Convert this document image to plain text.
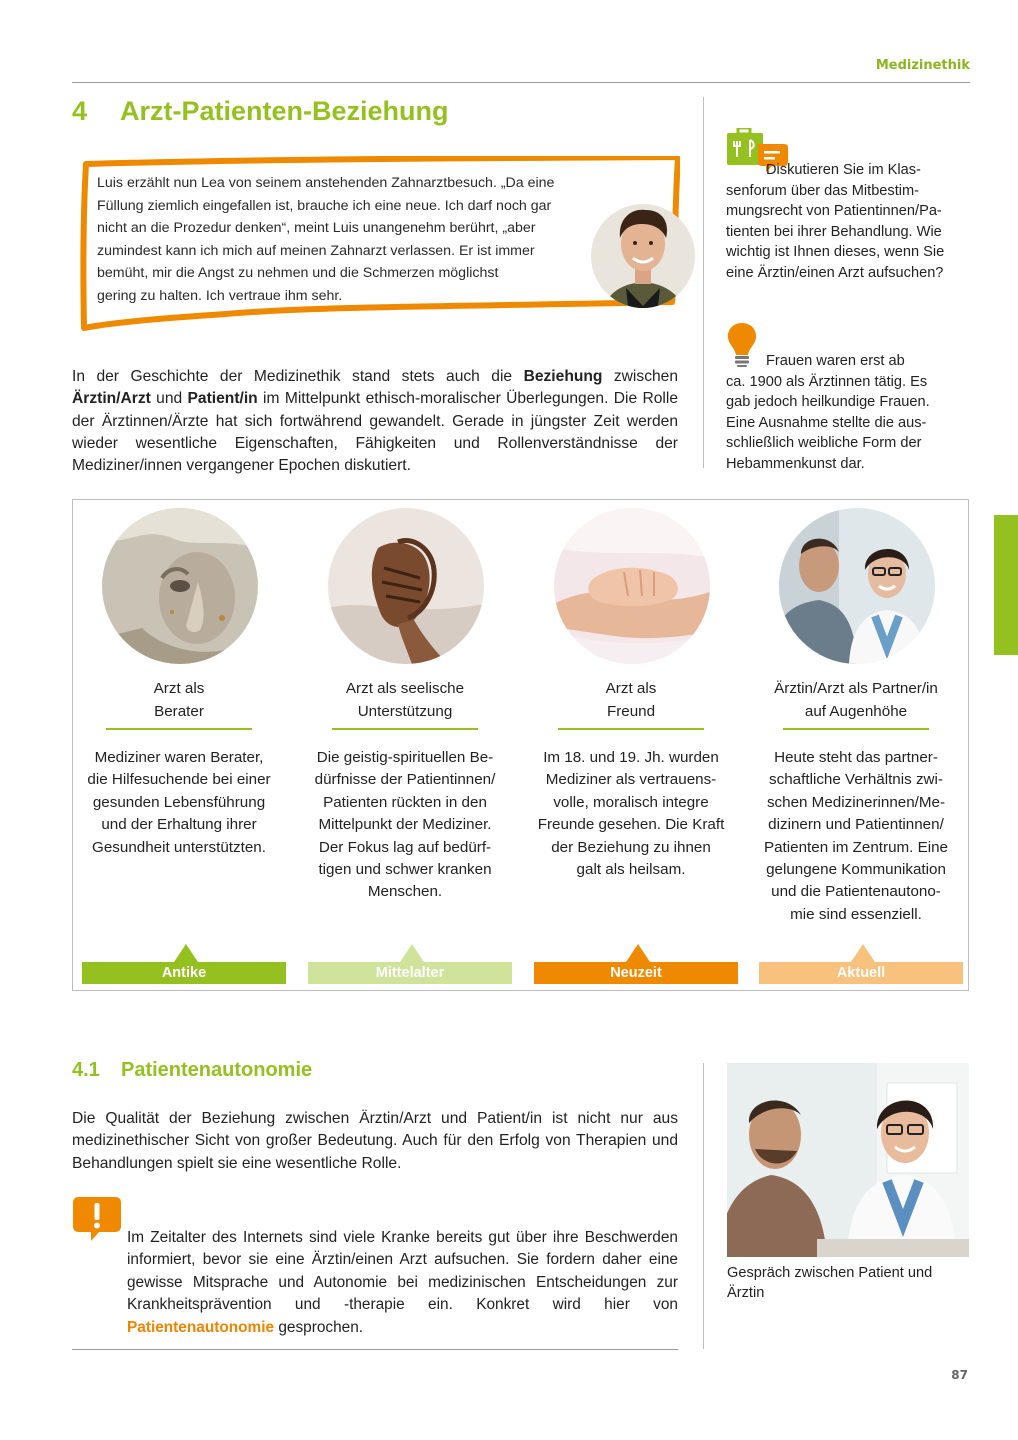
Medizinethik
4 Arzt-Patienten-Beziehung
Luis erzählt nun Lea von seinem anstehenden Zahnarztbesuch. „Da eine
Füllung ziemlich eingefallen ist, brauche ich eine neue. Ich darf noch gar
nicht an die Prozedur denken“, meint Luis unangenehm berührt, „aber
zumindest kann ich mich auf meinen Zahnarzt verlassen. Er ist immer
bemüht, mir die Angst zu nehmen und die Schmerzen möglichst
gering zu halten. Ich vertraue ihm sehr.
In der Geschichte der Medizinethik stand stets auch die Beziehung zwischen Ärztin/Arzt und Patient/in im Mittelpunkt ethisch-moralischer Überlegungen. Die Rolle der Ärztinnen/Ärzte hat sich fortwährend gewandelt. Gerade in jüngster Zeit werden wieder wesentliche Eigenschaften, Fähigkeiten und Rollenverständnisse der Mediziner/innen vergangener Epochen diskutiert.
Diskutieren Sie im Klas-
senforum über das Mitbestim-
mungsrecht von Patientinnen/Pa-
tienten bei ihrer Behandlung. Wie
wichtig ist Ihnen dieses, wenn Sie
eine Ärztin/einen Arzt aufsuchen?
Frauen waren erst ab
ca. 1900 als Ärztinnen tätig. Es
gab jedoch heilkundige Frauen.
Eine Ausnahme stellte die aus-
schließlich weibliche Form der
Hebammenkunst dar.
Arzt als
Berater
Mediziner waren Berater,
die Hilfesuchende bei einer
gesunden Lebensführung
und der Erhaltung ihrer
Gesundheit unterstützten.
Antike
Arzt als seelische
Unterstützung
Die geistig-spirituellen Be-
dürfnisse der Patientinnen/
Patienten rückten in den
Mittelpunkt der Mediziner.
Der Fokus lag auf bedürf-
tigen und schwer kranken
Menschen.
Mittelalter
Arzt als
Freund
Im 18. und 19. Jh. wurden
Mediziner als vertrauens-
volle, moralisch integre
Freunde gesehen. Die Kraft
der Beziehung zu ihnen
galt als heilsam.
Neuzeit
Ärztin/Arzt als Partner/in
auf Augenhöhe
Heute steht das partner-
schaftliche Verhältnis zwi-
schen Medizinerinnen/Me-
dizinern und Patientinnen/
Patienten im Zentrum. Eine
gelungene Kommunikation
und die Patientenautono-
mie sind essenziell.
Aktuell
4.1 Patientenautonomie
Die Qualität der Beziehung zwischen Ärztin/Arzt und Patient/in ist nicht nur aus medizinethischer Sicht von großer Bedeutung. Auch für den Erfolg von Therapien und Behandlungen spielt sie eine wesentliche Rolle.
Im Zeitalter des Internets sind viele Kranke bereits gut über ihre Beschwerden informiert, bevor sie eine Ärztin/einen Arzt aufsuchen. Sie fordern daher eine gewisse Mitsprache und Autonomie bei medizinischen Entscheidungen zur Krankheitsprävention und -therapie ein. Konkret wird hier von Patientenautonomie gesprochen.
Gespräch zwischen Patient und Ärztin
87
